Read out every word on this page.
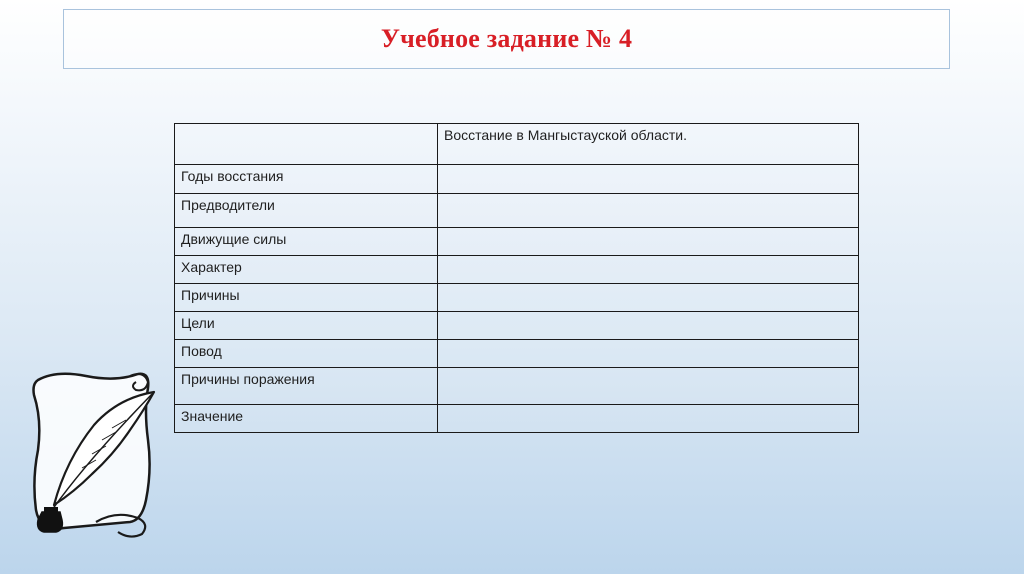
Учебное задание № 4
	Восстание в Мангыстауской области.
Годы восстания	
Предводители	
Движущие силы	
Характер	
Причины	
Цели	
Повод	
Причины поражения	
Значение	
